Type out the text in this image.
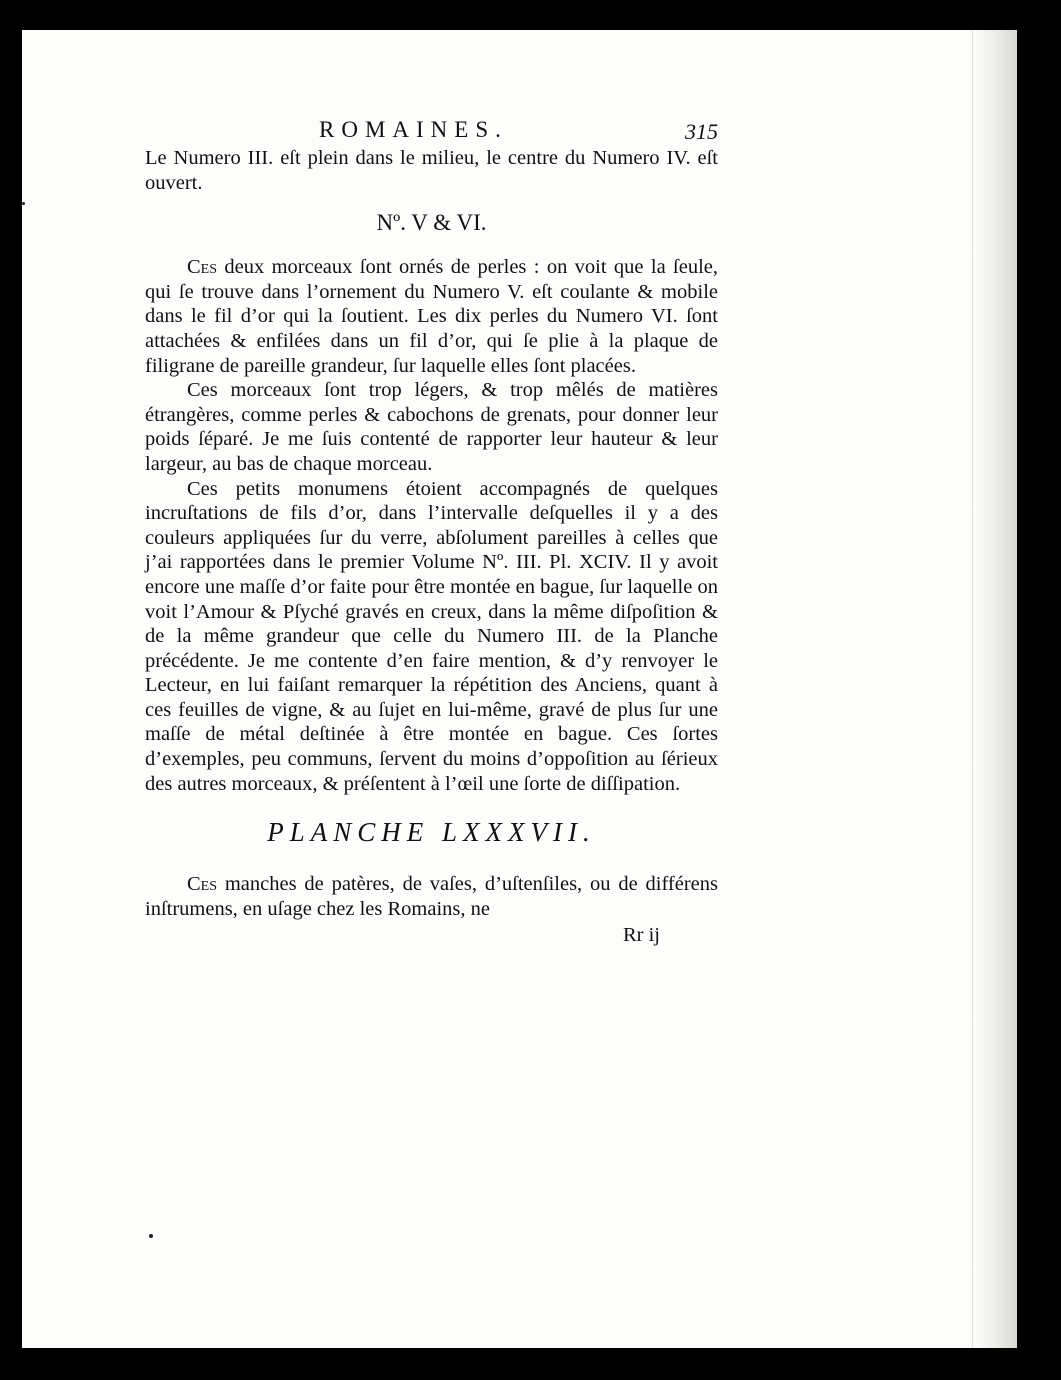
ROMAINES.	315

Le Numero III. eſt plein dans le milieu, le centre du Numero IV. eſt ouvert.

Nº. V & VI.

Ces deux morceaux ſont ornés de perles : on voit que la ſeule, qui ſe trouve dans l’ornement du Numero V. eſt coulante & mobile dans le fil d’or qui la ſoutient. Les dix perles du Numero VI. ſont attachées & enfilées dans un fil d’or, qui ſe plie à la plaque de filigrane de pareille grandeur, ſur laquelle elles ſont placées.

Ces morceaux ſont trop légers, & trop mêlés de matières étrangères, comme perles & cabochons de grenats, pour donner leur poids ſéparé. Je me ſuis contenté de rapporter leur hauteur & leur largeur, au bas de chaque morceau.

Ces petits monumens étoient accompagnés de quelques incruſtations de fils d’or, dans l’intervalle deſquelles il y a des couleurs appliquées ſur du verre, abſolument pareilles à celles que j’ai rapportées dans le premier Volume Nº. III. Pl. XCIV. Il y avoit encore une maſſe d’or faite pour être montée en bague, ſur laquelle on voit l’Amour & Pſyché gravés en creux, dans la même diſpoſition & de la même grandeur que celle du Numero III. de la Planche précédente. Je me contente d’en faire mention, & d’y renvoyer le Lecteur, en lui faiſant remarquer la répétition des Anciens, quant à ces feuilles de vigne, & au ſujet en lui-même, gravé de plus ſur une maſſe de métal deſtinée à être montée en bague. Ces ſortes d’exemples, peu communs, ſervent du moins d’oppoſition au ſérieux des autres morceaux, & préſentent à l’œil une ſorte de diſſipation.

PLANCHE LXXXVII.

Ces manches de patères, de vaſes, d’uſtenſiles, ou de différens inſtrumens, en uſage chez les Romains, ne

Rr ij
